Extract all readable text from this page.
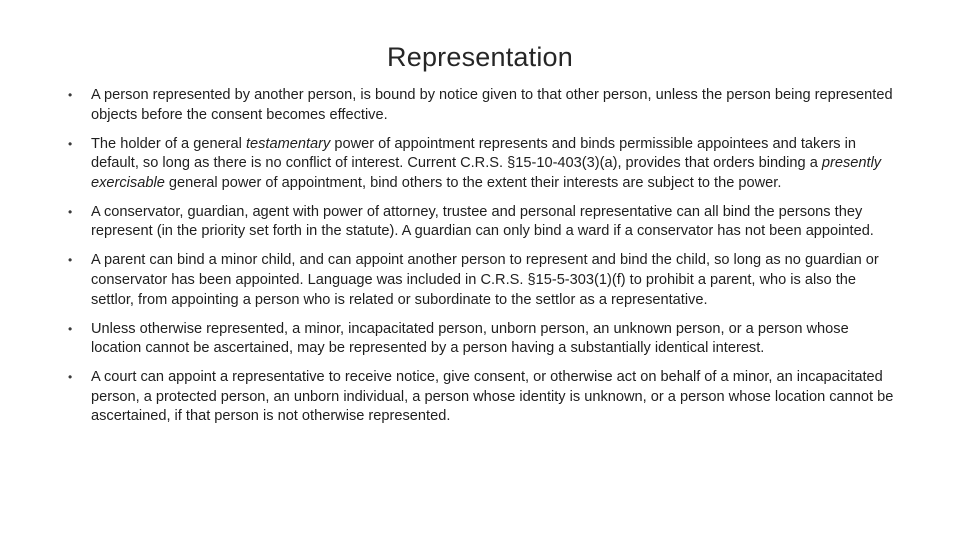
Representation
• A person represented by another person, is bound by notice given to that other person, unless the person being represented objects before the consent becomes effective.
• The holder of a general testamentary power of appointment represents and binds permissible appointees and takers in default, so long as there is no conflict of interest. Current C.R.S. §15-10-403(3)(a), provides that orders binding a presently exercisable general power of appointment, bind others to the extent their interests are subject to the power.
• A conservator, guardian, agent with power of attorney, trustee and personal representative can all bind the persons they represent (in the priority set forth in the statute). A guardian can only bind a ward if a conservator has not been appointed.
• A parent can bind a minor child, and can appoint another person to represent and bind the child, so long as no guardian or conservator has been appointed. Language was included in C.R.S. §15-5-303(1)(f) to prohibit a parent, who is also the settlor, from appointing a person who is related or subordinate to the settlor as a representative.
• Unless otherwise represented, a minor, incapacitated person, unborn person, an unknown person, or a person whose location cannot be ascertained, may be represented by a person having a substantially identical interest.
• A court can appoint a representative to receive notice, give consent, or otherwise act on behalf of a minor, an incapacitated person, a protected person, an unborn individual, a person whose identity is unknown, or a person whose location cannot be ascertained, if that person is not otherwise represented.
